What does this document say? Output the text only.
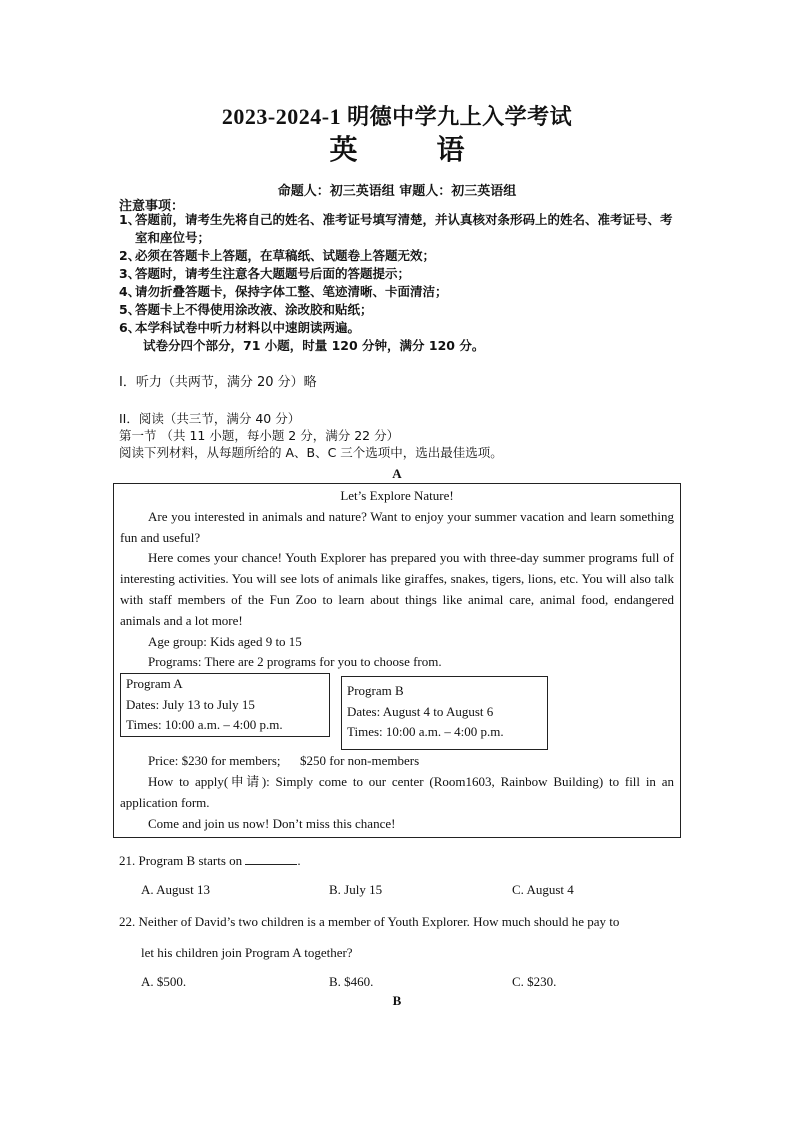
2023-2024-1 明德中学九上入学考试
英 语
命题人：初三英语组 审题人：初三英语组
注意事项：
1、
答题前，请考生先将自己的姓名、准考证号填写清楚，并认真核对条形码上的姓名、准考证号、考室和座位号；
2、
必须在答题卡上答题，在草稿纸、试题卷上答题无效；
3、
答题时，请考生注意各大题题号后面的答题提示；
4、
请勿折叠答题卡，保持字体工整、笔迹清晰、卡面清洁；
5、
答题卡上不得使用涂改液、涂改胶和贴纸；
6、
本学科试卷中听力材料以中速朗读两遍。
试卷分四个部分，71 小题，时量 120 分钟，满分 120 分。
I．听力（共两节，满分 20 分）略
II．阅读（共三节，满分 40 分）
第一节 （共 11 小题，每小题 2 分，满分 22 分）
阅读下列材料，从每题所给的 A、B、C 三个选项中，选出最佳选项。
A
Let’s Explore Nature!
Are you interested in animals and nature? Want to enjoy your summer vacation and learn something fun and useful?
Here comes your chance! Youth Explorer has prepared you with three-day summer programs full of interesting activities. You will see lots of animals like giraffes, snakes, tigers, lions, etc. You will also talk with staff members of the Fun Zoo to learn about things like animal care, animal food, endangered animals and a lot more!
Age group: Kids aged 9 to 15
Programs: There are 2 programs for you to choose from.
Program A
Dates: July 13 to July 15
Times: 10:00 a.m. – 4:00 p.m.
Program B
Dates: August 4 to August 6
Times: 10:00 a.m. – 4:00 p.m.
Price: $230 for members;      $250 for non-members
How to apply(申请): Simply come to our center (Room1603, Rainbow Building) to fill in an application form.
Come and join us now! Don’t miss this chance!
21. Program B starts on	.
A. August 13	B. July 15	C. August 4
22. Neither of David’s two children is a member of Youth Explorer. How much should he pay to
let his children join Program A together?
A. $500.	B. $460.	C. $230.
B
